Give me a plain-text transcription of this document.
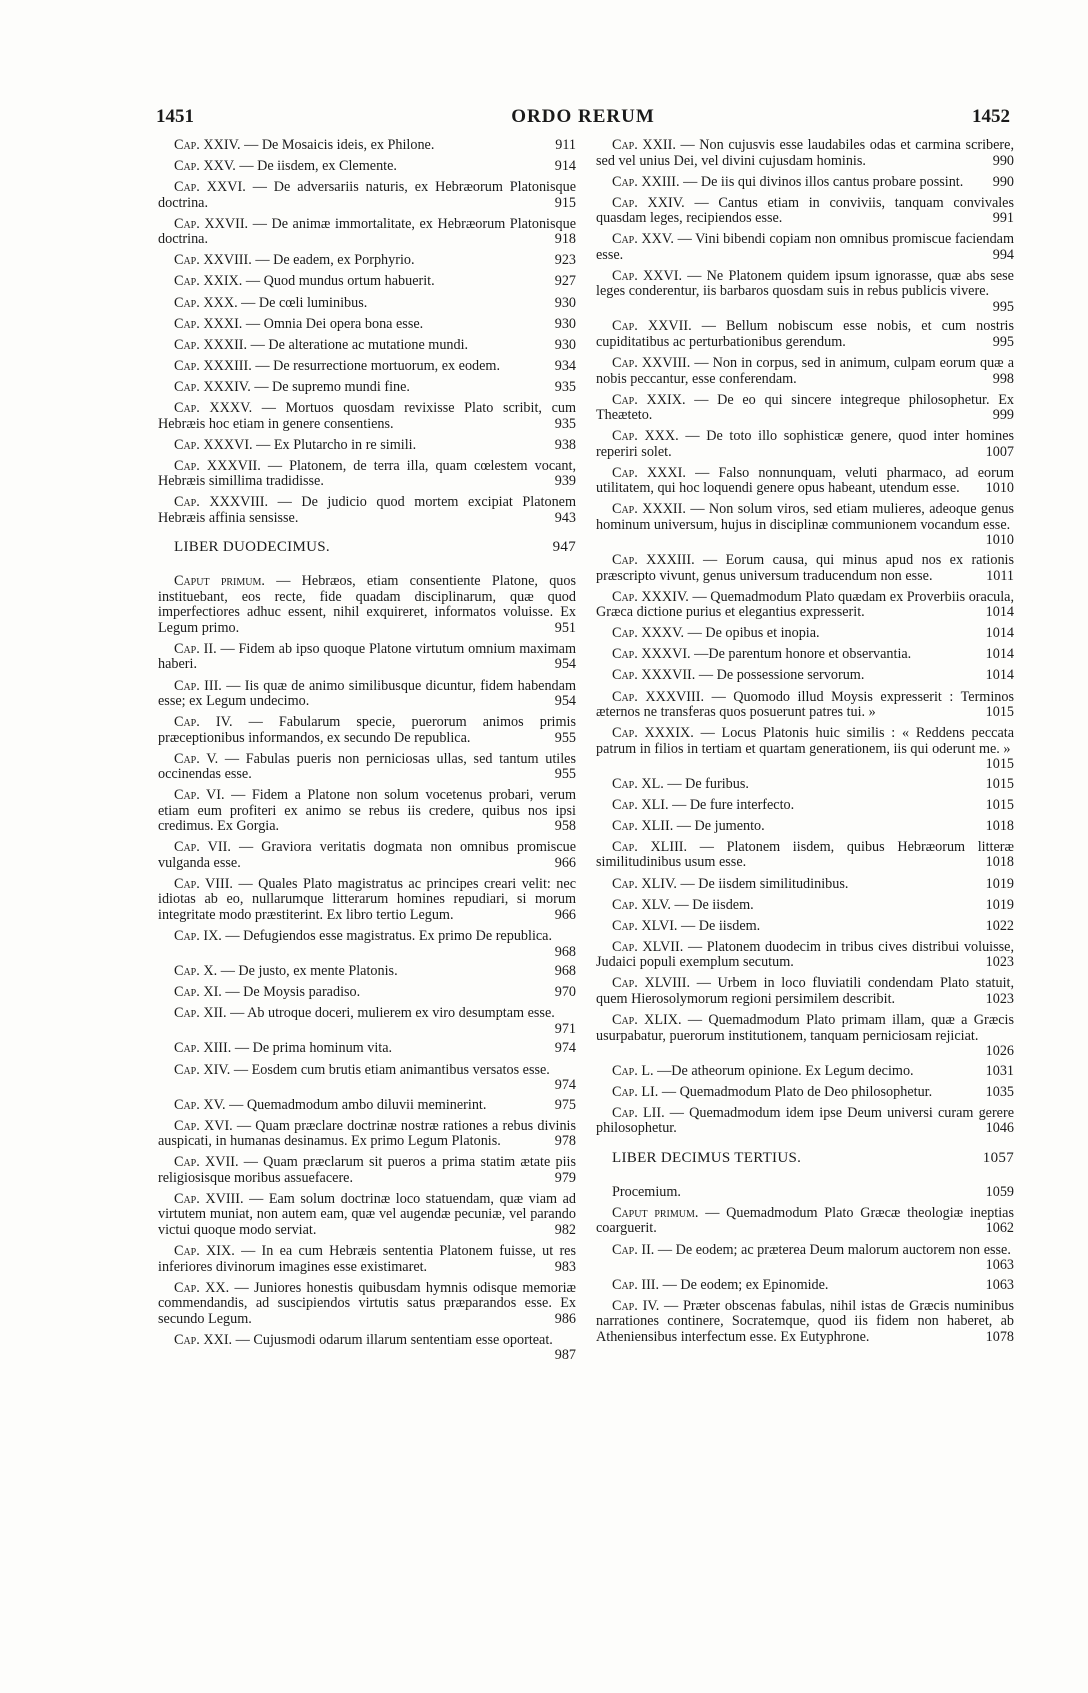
1451	ORDO RERUM	1452
Cap. XXIV. — De Mosaicis ideis, ex Philone.	911
Cap. XXV. — De iisdem, ex Clemente.	914
Cap. XXVI. — De adversariis naturis, ex Hebræorum Platonisque doctrina.	915
Cap. XXVII. — De animæ immortalitate, ex Hebræorum Platonisque doctrina.	918
Cap. XXVIII. — De eadem, ex Porphyrio.	923
Cap. XXIX. — Quod mundus ortum habuerit.	927
Cap. XXX. — De cœli luminibus.	930
Cap. XXXI. — Omnia Dei opera bona esse.	930
Cap. XXXII. — De alteratione ac mutatione mundi.	930
Cap. XXXIII. — De resurrectione mortuorum, ex eodem.	934
Cap. XXXIV. — De supremo mundi fine.	935
Cap. XXXV. — Mortuos quosdam revixisse Plato scribit, cum Hebræis hoc etiam in genere consentiens.	935
Cap. XXXVI. — Ex Plutarcho in re simili.	938
Cap. XXXVII. — Platonem, de terra illa, quam cœlestem vocant, Hebræis simillima tradidisse.	939
Cap. XXXVIII. — De judicio quod mortem excipiat Platonem Hebræis affinia sensisse.	943
LIBER DUODECIMUS.	947
Caput primum. — Hebræos, etiam consentiente Platone, quos instituebant, eos recte, fide quadam disciplinarum, quæ quod imperfectiores adhuc essent, nihil exquireret, informatos voluisse. Ex Legum primo.	951
Cap. II. — Fidem ab ipso quoque Platone virtutum omnium maximam haberi.	954
Cap. III. — Iis quæ de animo similibusque dicuntur, fidem habendam esse; ex Legum undecimo.	954
Cap. IV. — Fabularum specie, puerorum animos primis præceptionibus informandos, ex secundo De republica.	955
Cap. V. — Fabulas pueris non perniciosas ullas, sed tantum utiles occinendas esse.	955
Cap. VI. — Fidem a Platone non solum vocetenus probari, verum etiam eum profiteri ex animo se rebus iis credere, quibus nos ipsi credimus. Ex Gorgia.	958
Cap. VII. — Graviora veritatis dogmata non omnibus promiscue vulganda esse.	966
Cap. VIII. — Quales Plato magistratus ac principes creari velit: nec idiotas ab eo, nullarumque litterarum homines repudiari, si morum integritate modo præstiterint. Ex libro tertio Legum.	966
Cap. IX. — Defugiendos esse magistratus. Ex primo De republica.
968
Cap. X. — De justo, ex mente Platonis.	968
Cap. XI. — De Moysis paradiso.	970
Cap. XII. — Ab utroque doceri, mulierem ex viro desumptam esse.
971
Cap. XIII. — De prima hominum vita.	974
Cap. XIV. — Eosdem cum brutis etiam animantibus versatos esse.
974
Cap. XV. — Quemadmodum ambo diluvii meminerint.	975
Cap. XVI. — Quam præclare doctrinæ nostræ rationes a rebus divinis auspicati, in humanas desinamus. Ex primo Legum Platonis.	978
Cap. XVII. — Quam præclarum sit pueros a prima statim ætate piis religiosisque moribus assuefacere.	979
Cap. XVIII. — Eam solum doctrinæ loco statuendam, quæ viam ad virtutem muniat, non autem eam, quæ vel augendæ pecuniæ, vel parando victui quoque modo serviat.	982
Cap. XIX. — In ea cum Hebræis sententia Platonem fuisse, ut res inferiores divinorum imagines esse existimaret.	983
Cap. XX. — Juniores honestis quibusdam hymnis odisque memoriæ commendandis, ad suscipiendos virtutis satus præparandos esse. Ex secundo Legum.	986
Cap. XXI. — Cujusmodi odarum illarum sententiam esse oporteat.
987
Cap. XXII. — Non cujusvis esse laudabiles odas et carmina scribere, sed vel unius Dei, vel divini cujusdam hominis.	990
Cap. XXIII. — De iis qui divinos illos cantus probare possint.	990
Cap. XXIV. — Cantus etiam in conviviis, tanquam convivales quasdam leges, recipiendos esse.	991
Cap. XXV. — Vini bibendi copiam non omnibus promiscue faciendam esse.	994
Cap. XXVI. — Ne Platonem quidem ipsum ignorasse, quæ abs sese leges conderentur, iis barbaros quosdam suis in rebus publicis vivere.
995
Cap. XXVII. — Bellum nobiscum esse nobis, et cum nostris cupiditatibus ac perturbationibus gerendum.	995
Cap. XXVIII. — Non in corpus, sed in animum, culpam eorum quæ a nobis peccantur, esse conferendam.	998
Cap. XXIX. — De eo qui sincere integreque philosophetur. Ex Theæteto.	999
Cap. XXX. — De toto illo sophisticæ genere, quod inter homines reperiri solet.	1007
Cap. XXXI. — Falso nonnunquam, veluti pharmaco, ad eorum utilitatem, qui hoc loquendi genere opus habeant, utendum esse.	1010
Cap. XXXII. — Non solum viros, sed etiam mulieres, adeoque genus hominum universum, hujus in disciplinæ communionem vocandum esse.
1010
Cap. XXXIII. — Eorum causa, qui minus apud nos ex rationis præscripto vivunt, genus universum traducendum non esse.	1011
Cap. XXXIV. — Quemadmodum Plato quædam ex Proverbiis oracula, Græca dictione purius et elegantius expresserit.	1014
Cap. XXXV. — De opibus et inopia.	1014
Cap. XXXVI. —De parentum honore et observantia.	1014
Cap. XXXVII. — De possessione servorum.	1014
Cap. XXXVIII. — Quomodo illud Moysis expresserit : Terminos æternos ne transferas quos posuerunt patres tui. »	1015
Cap. XXXIX. — Locus Platonis huic similis : « Reddens peccata patrum in filios in tertiam et quartam generationem, iis qui oderunt me. »
1015
Cap. XL. — De furibus.	1015
Cap. XLI. — De fure interfecto.	1015
Cap. XLII. — De jumento.	1018
Cap. XLIII. — Platonem iisdem, quibus Hebræorum litteræ similitudinibus usum esse.	1018
Cap. XLIV. — De iisdem similitudinibus.	1019
Cap. XLV. — De iisdem.	1019
Cap. XLVI. — De iisdem.	1022
Cap. XLVII. — Platonem duodecim in tribus cives distribui voluisse, Judaici populi exemplum secutum.	1023
Cap. XLVIII. — Urbem in loco fluviatili condendam Plato statuit, quem Hierosolymorum regioni persimilem describit.	1023
Cap. XLIX. — Quemadmodum Plato primam illam, quæ a Græcis usurpabatur, puerorum institutionem, tanquam perniciosam rejiciat.
1026
Cap. L. —De atheorum opinione. Ex Legum decimo.	1031
Cap. LI. — Quemadmodum Plato de Deo philosophetur.	1035
Cap. LII. — Quemadmodum idem ipse Deum universi curam gerere philosophetur.	1046
LIBER DECIMUS TERTIUS.	1057
Procemium.	1059
Caput primum. — Quemadmodum Plato Græcæ theologiæ ineptias coarguerit.	1062
Cap. II. — De eodem; ac præterea Deum malorum auctorem non esse.
1063
Cap. III. — De eodem; ex Epinomide.	1063
Cap. IV. — Præter obscenas fabulas, nihil istas de Græcis numinibus narrationes continere, Socratemque, quod iis fidem non haberet, ab Atheniensibus interfectum esse. Ex Eutyphrone.	1078
